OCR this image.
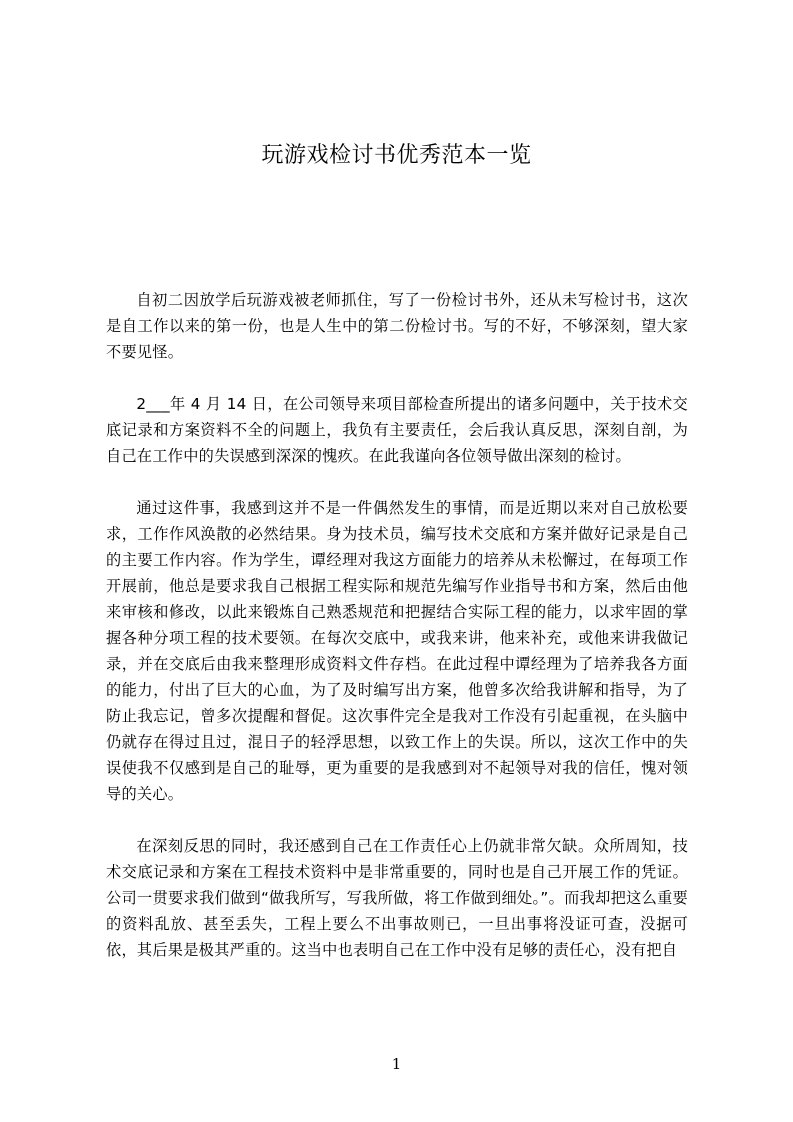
玩游戏检讨书优秀范本一览

自初二因放学后玩游戏被老师抓住，写了一份检讨书外，还从未写检讨书，这次是自工作以来的第一份，也是人生中的第二份检讨书。写的不好，不够深刻，望大家不要见怪。

2___年 4 月 14 日，在公司领导来项目部检查所提出的诸多问题中，关于技术交底记录和方案资料不全的问题上，我负有主要责任，会后我认真反思，深刻自剖，为自己在工作中的失误感到深深的愧疚。在此我谨向各位领导做出深刻的检讨。

通过这件事，我感到这并不是一件偶然发生的事情，而是近期以来对自己放松要求，工作作风涣散的必然结果。身为技术员，编写技术交底和方案并做好记录是自己的主要工作内容。作为学生，谭经理对我这方面能力的培养从未松懈过，在每项工作开展前，他总是要求我自己根据工程实际和规范先编写作业指导书和方案，然后由他来审核和修改，以此来锻炼自己熟悉规范和把握结合实际工程的能力，以求牢固的掌握各种分项工程的技术要领。在每次交底中，或我来讲，他来补充，或他来讲我做记录，并在交底后由我来整理形成资料文件存档。在此过程中谭经理为了培养我各方面的能力，付出了巨大的心血，为了及时编写出方案，他曾多次给我讲解和指导，为了防止我忘记，曾多次提醒和督促。这次事件完全是我对工作没有引起重视，在头脑中仍就存在得过且过，混日子的轻浮思想，以致工作上的失误。所以，这次工作中的失误使我不仅感到是自己的耻辱，更为重要的是我感到对不起领导对我的信任，愧对领导的关心。

在深刻反思的同时，我还感到自己在工作责任心上仍就非常欠缺。众所周知，技术交底记录和方案在工程技术资料中是非常重要的，同时也是自己开展工作的凭证。公司一贯要求我们做到“做我所写，写我所做，将工作做到细处。”。而我却把这么重要的资料乱放、甚至丢失，工程上要么不出事故则已，一旦出事将没证可查，没据可依，其后果是极其严重的。这当中也表明自己在工作中没有足够的责任心，没有把自

1
